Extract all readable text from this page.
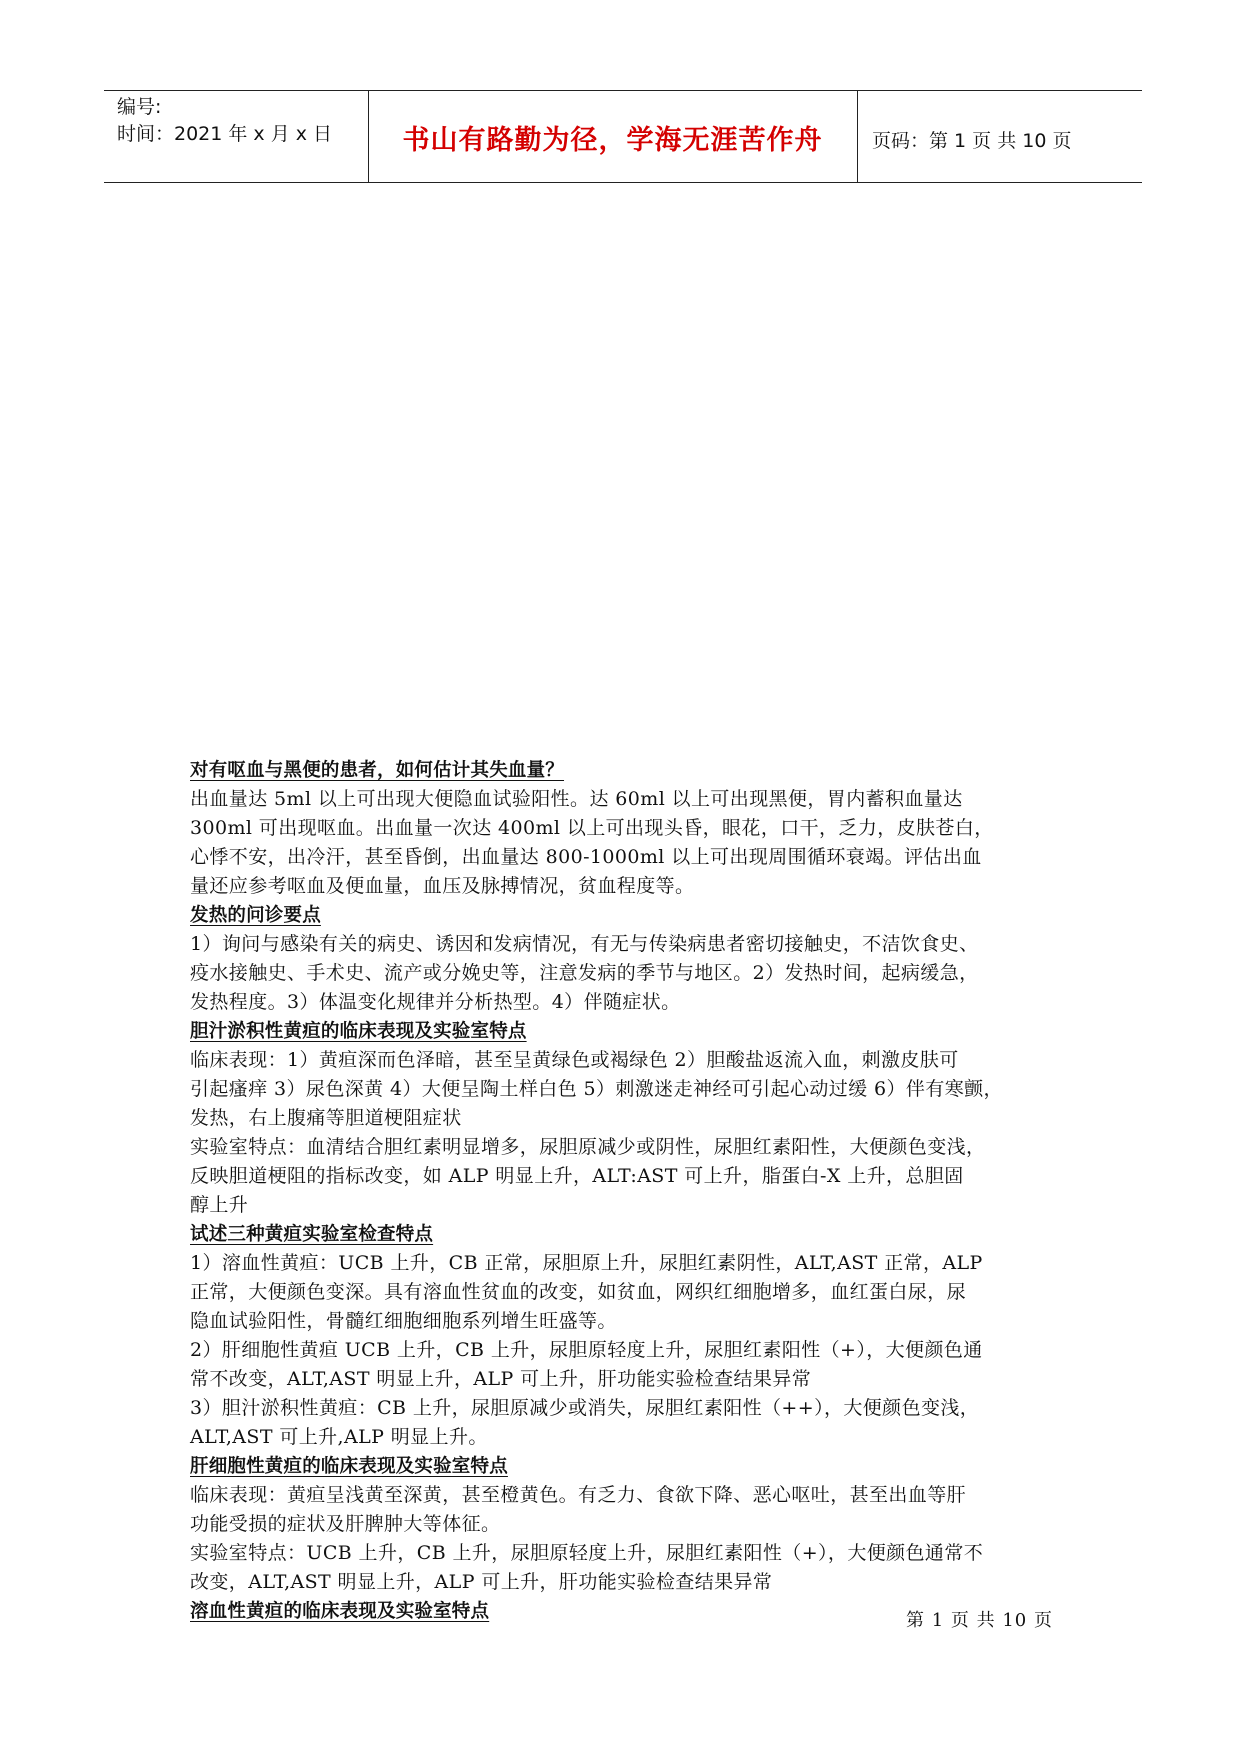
编号:
时间：2021 年 x 月 x 日	书山有路勤为径，学海无涯苦作舟	页码：第 1 页 共 10 页
对有呕血与黑便的患者，如何估计其失血量？
出血量达 5ml 以上可出现大便隐血试验阳性。达 60ml 以上可出现黑便，胃内蓄积血量达
300ml 可出现呕血。出血量一次达 400ml 以上可出现头昏，眼花，口干，乏力，皮肤苍白，
心悸不安，出冷汗，甚至昏倒，出血量达 800-1000ml 以上可出现周围循环衰竭。评估出血
量还应参考呕血及便血量，血压及脉搏情况，贫血程度等。
发热的问诊要点
1）询问与感染有关的病史、诱因和发病情况，有无与传染病患者密切接触史，不洁饮食史、
疫水接触史、手术史、流产或分娩史等，注意发病的季节与地区。2）发热时间，起病缓急，
发热程度。3）体温变化规律并分析热型。4）伴随症状。
胆汁淤积性黄疸的临床表现及实验室特点
临床表现：1）黄疸深而色泽暗，甚至呈黄绿色或褐绿色 2）胆酸盐返流入血，刺激皮肤可
引起瘙痒 3）尿色深黄 4）大便呈陶土样白色 5）刺激迷走神经可引起心动过缓 6）伴有寒颤，
发热，右上腹痛等胆道梗阻症状
实验室特点：血清结合胆红素明显增多，尿胆原减少或阴性，尿胆红素阳性，大便颜色变浅，
反映胆道梗阻的指标改变，如 ALP 明显上升，ALT:AST 可上升，脂蛋白-X 上升，总胆固
醇上升
试述三种黄疸实验室检查特点
1）溶血性黄疸：UCB 上升，CB 正常，尿胆原上升，尿胆红素阴性，ALT,AST 正常，ALP
正常，大便颜色变深。具有溶血性贫血的改变，如贫血，网织红细胞增多，血红蛋白尿，尿
隐血试验阳性，骨髓红细胞细胞系列增生旺盛等。
2）肝细胞性黄疸 UCB 上升，CB 上升，尿胆原轻度上升，尿胆红素阳性（+），大便颜色通
常不改变，ALT,AST 明显上升，ALP 可上升，肝功能实验检查结果异常
3）胆汁淤积性黄疸：CB 上升，尿胆原减少或消失，尿胆红素阳性（++），大便颜色变浅，
ALT,AST 可上升,ALP 明显上升。
肝细胞性黄疸的临床表现及实验室特点
临床表现：黄疸呈浅黄至深黄，甚至橙黄色。有乏力、食欲下降、恶心呕吐，甚至出血等肝
功能受损的症状及肝脾肿大等体征。
实验室特点：UCB 上升，CB 上升，尿胆原轻度上升，尿胆红素阳性（+），大便颜色通常不
改变，ALT,AST 明显上升，ALP 可上升，肝功能实验检查结果异常
溶血性黄疸的临床表现及实验室特点	第 1 页 共 10 页
